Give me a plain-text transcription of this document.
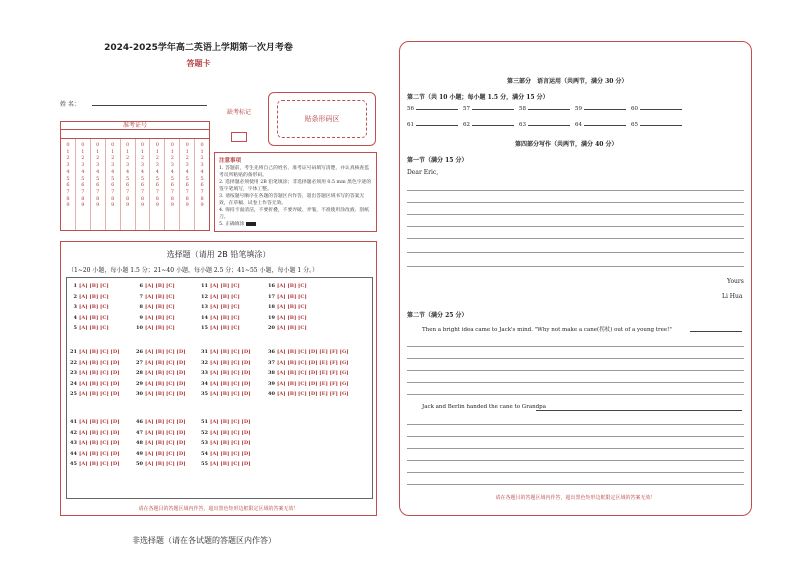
2024-2025学年高二英语上学期第一次月考卷
答题卡
姓 名：
缺考标记
贴条形码区
准考证号
0
1
2
3
4
5
6
7
8
9
0
1
2
3
4
5
6
7
8
9
0
1
2
3
4
5
6
7
8
9
0
1
2
3
4
5
6
7
8
9
0
1
2
3
4
5
6
7
8
9
0
1
2
3
4
5
6
7
8
9
0
1
2
3
4
5
6
7
8
9
0
1
2
3
4
5
6
7
8
9
0
1
2
3
4
5
6
7
8
9
0
1
2
3
4
5
6
7
8
9
注意事项

1. 答题前，考生先将自己的姓名、准考证号码填写清楚，并认真核查监考员所粘贴的条形码。

2. 选择题必须使用 2B 铅笔填涂；非选择题必须用 0.5 mm 黑色字迹的签字笔填写，字体工整。

3. 请按题号顺序在各题的答题区内作答，超出答题区域书写的答案无效，在草稿、试卷上作答无效。

4. 保持卡面清洁，不要折叠，不要弄破、弄皱，不准使用涂改液、刮纸刀。

5. 正确填涂

选择题（请用 2B 铅笔填涂）
（1~20 小题，每小题 1.5 分；21~40 小题，每小题 2.5 分；41~55 小题，每小题 1 分。）
1 [A] [B] [C]
2 [A] [B] [C]
3 [A] [B] [C]
4 [A] [B] [C]
5 [A] [B] [C]
6 [A] [B] [C]
7 [A] [B] [C]
8 [A] [B] [C]
9 [A] [B] [C]
10 [A] [B] [C]
11 [A] [B] [C]
12 [A] [B] [C]
13 [A] [B] [C]
14 [A] [B] [C]
15 [A] [B] [C]
16 [A] [B] [C]
17 [A] [B] [C]
18 [A] [B] [C]
19 [A] [B] [C]
20 [A] [B] [C]
21 [A] [B] [C] [D]
22 [A] [B] [C] [D]
23 [A] [B] [C] [D]
24 [A] [B] [C] [D]
25 [A] [B] [C] [D]
26 [A] [B] [C] [D]
27 [A] [B] [C] [D]
28 [A] [B] [C] [D]
29 [A] [B] [C] [D]
30 [A] [B] [C] [D]
31 [A] [B] [C] [D]
32 [A] [B] [C] [D]
33 [A] [B] [C] [D]
34 [A] [B] [C] [D]
35 [A] [B] [C] [D]
36 [A] [B] [C] [D] [E] [F] [G]
37 [A] [B] [C] [D] [E] [F] [G]
38 [A] [B] [C] [D] [E] [F] [G]
39 [A] [B] [C] [D] [E] [F] [G]
40 [A] [B] [C] [D] [E] [F] [G]
41 [A] [B] [C] [D]
42 [A] [B] [C] [D]
43 [A] [B] [C] [D]
44 [A] [B] [C] [D]
45 [A] [B] [C] [D]
46 [A] [B] [C] [D]
47 [A] [B] [C] [D]
48 [A] [B] [C] [D]
49 [A] [B] [C] [D]
50 [A] [B] [C] [D]
51 [A] [B] [C] [D]
52 [A] [B] [C] [D]
53 [A] [B] [C] [D]
54 [A] [B] [C] [D]
55 [A] [B] [C] [D]
请在各题目的答题区域内作答，超出黑色矩形边框限定区域的答案无效！
非选择题（请在各试题的答题区内作答）
第三部分　语言运用（共两节，满分 30 分）
第二节（共 10 小题；每小题 1.5 分，满分 15 分）
56	57	58	59	60
61	62	63	64	65
第四部分写作（共两节，满分 40 分）
第一节（满分 15 分）
Dear Eric,
Yours
Li Hua
第二节（满分 25 分）
Then a bright idea came to Jack's mind. "Why not make a cane(拐杖) out of a young tree!"
Jack and Berlin handed the cane to Grandpa
请在各题目的答题区域内作答，超出黑色矩形边框限定区域的答案无效！
